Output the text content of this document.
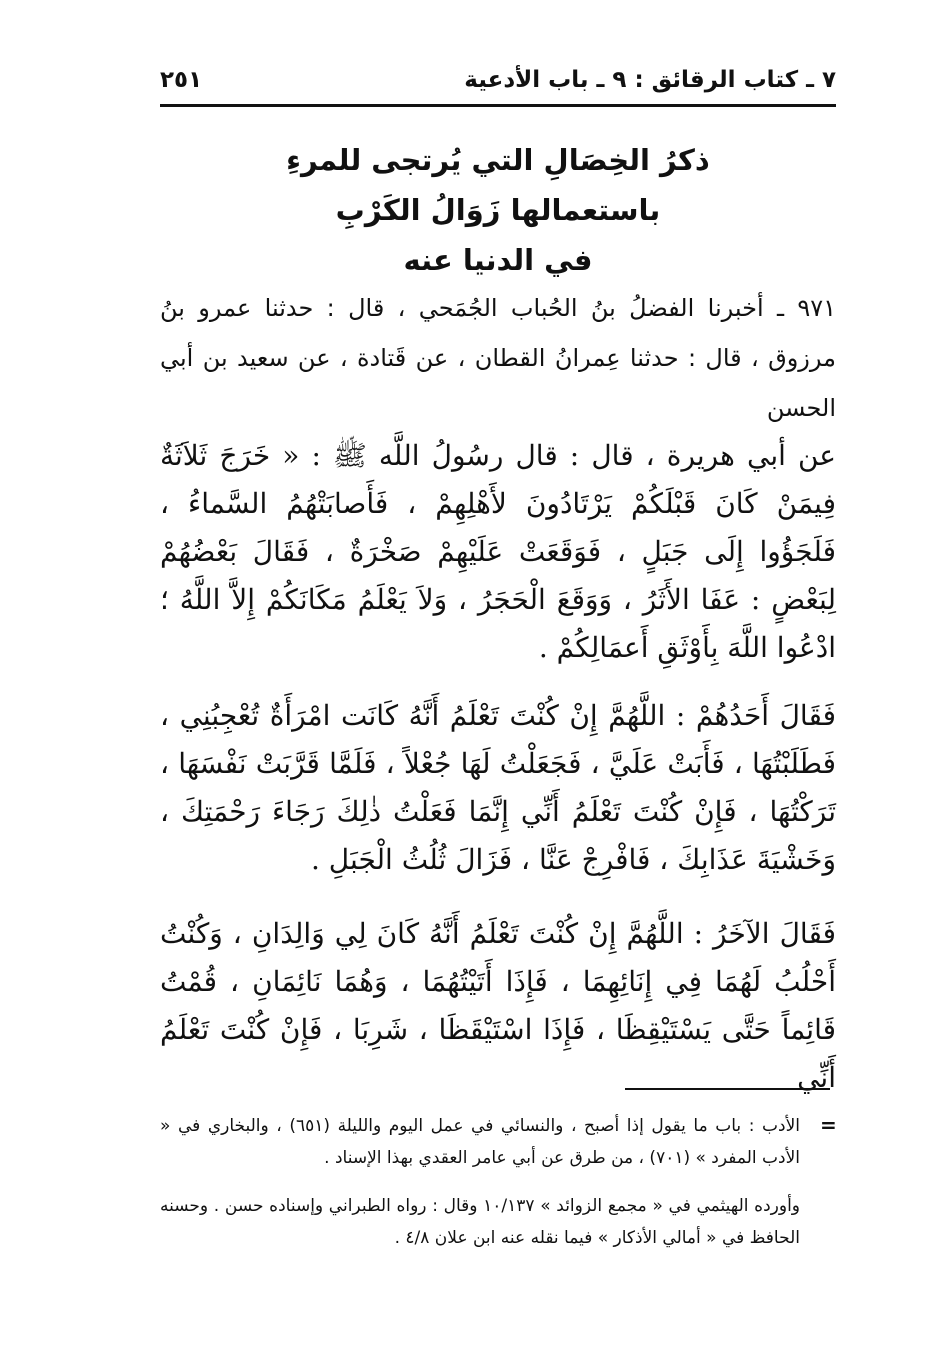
٧ ـ كتاب الرقائق : ٩ ـ باب الأدعية
٢٥١
ذكرُ الخِصَالِ التي يُرتجى للمرءِ
باستعمالها زَوَالُ الكَرْبِ
في الدنيا عنه
٩٧١ ـ أخبرنا الفضلُ بنُ الحُباب الجُمَحي ، قال : حدثنا عمرو بنُ مرزوق ، قال : حدثنا عِمرانُ القطان ، عن قَتادة ، عن سعيد بن أبي الحسن
عن أبي هريرة ، قال : قال رسُولُ اللَّه ﷺ : « خَرَجَ ثَلاَثَةٌ فِيمَنْ كَانَ قَبْلَكُمْ يَرْتَادُونَ لأَهْلِهِمْ ، فَأَصابَتْهُمُ السَّماءُ ، فَلَجَؤُوا إِلَى جَبَلٍ ، فَوَقَعَتْ عَلَيْهِمْ صَخْرَةٌ ، فَقَالَ بَعْضُهُمْ لِبَعْضٍ : عَفَا الأَثَرُ ، وَوَقَعَ الْحَجَرُ ، وَلاَ يَعْلَمُ مَكَانَكُمْ إِلاَّ اللَّهُ ؛ ادْعُوا اللَّهَ بِأَوْثَقِ أَعمَالِكُمْ .
فَقَالَ أَحَدُهُمْ : اللَّهُمَّ إِنْ كُنْتَ تَعْلَمُ أَنَّهُ كَانَت امْرَأَةٌ تُعْجِبُنِي ، فَطَلَبْتُهَا ، فَأَبَتْ عَلَيَّ ، فَجَعَلْتُ لَهَا جُعْلاً ، فَلَمَّا قَرَّبَتْ نَفْسَهَا ، تَرَكْتُهَا ، فَإِنْ كُنْتَ تَعْلَمُ أَنِّي إِنَّمَا فَعَلْتُ ذٰلِكَ رَجَاءَ رَحْمَتِكَ ، وَخَشْيَةَ عَذَابِكَ ، فَافْرِجْ عَنَّا ، فَزَالَ ثُلُثُ الْجَبَلِ .
فَقَالَ الآخَرُ : اللَّهُمَّ إِنْ كُنْتَ تَعْلَمُ أَنَّهُ كَانَ لِي وَالِدَانِ ، وَكُنْتُ أَحْلُبُ لَهُمَا فِي إِنَائِهِمَا ، فَإِذَا أَتَيْتُهُمَا ، وَهُمَا نَائِمَانِ ، قُمْتُ قَائِماً حَتَّى يَسْتَيْقِظَا ، فَإِذَا اسْتَيْقَظَا ، شَرِبَا ، فَإِنْ كُنْتَ تَعْلَمُ أَنِّي
=
الأدب : باب ما يقول إذا أصبح ، والنسائي في عمل اليوم والليلة (٦٥١) ، والبخاري في « الأدب المفرد » (٧٠١) ، من طرق عن أبي عامر العقدي بهذا الإسناد .
وأورده الهيثمي في « مجمع الزوائد » ١٠/١٣٧ وقال : رواه الطبراني وإسناده حسن . وحسنه الحافظ في « أمالي الأذكار » فيما نقله عنه ابن علان ٤/٨ .
